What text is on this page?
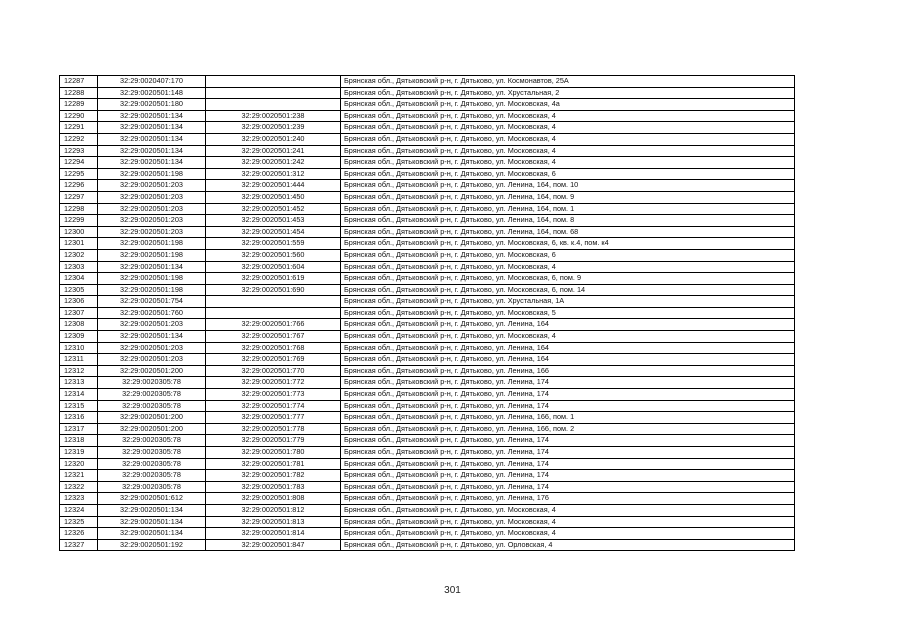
12287	32:29:0020407:170		Брянская обл., Дятьковский р-н, г. Дятьково, ул. Космонавтов, 25А
12288	32:29:0020501:148		Брянская обл., Дятьковский р-н, г. Дятьково, ул. Хрустальная, 2
12289	32:29:0020501:180		Брянская обл., Дятьковский р-н, г. Дятьково, ул. Московская, 4а
12290	32:29:0020501:134	32:29:0020501:238	Брянская обл., Дятьковский р-н, г. Дятьково, ул. Московская, 4
12291	32:29:0020501:134	32:29:0020501:239	Брянская обл., Дятьковский р-н, г. Дятьково, ул. Московская, 4
12292	32:29:0020501:134	32:29:0020501:240	Брянская обл., Дятьковский р-н, г. Дятьково, ул. Московская, 4
12293	32:29:0020501:134	32:29:0020501:241	Брянская обл., Дятьковский р-н, г. Дятьково, ул. Московская, 4
12294	32:29:0020501:134	32:29:0020501:242	Брянская обл., Дятьковский р-н, г. Дятьково, ул. Московская, 4
12295	32:29:0020501:198	32:29:0020501:312	Брянская обл., Дятьковский р-н, г. Дятьково, ул. Московская, 6
12296	32:29:0020501:203	32:29:0020501:444	Брянская обл., Дятьковский р-н, г. Дятьково, ул. Ленина, 164, пом. 10
12297	32:29:0020501:203	32:29:0020501:450	Брянская обл., Дятьковский р-н, г. Дятьково, ул. Ленина, 164, пом. 9
12298	32:29:0020501:203	32:29:0020501:452	Брянская обл., Дятьковский р-н, г. Дятьково, ул. Ленина, 164, пом. 1
12299	32:29:0020501:203	32:29:0020501:453	Брянская обл., Дятьковский р-н, г. Дятьково, ул. Ленина, 164, пом. 8
12300	32:29:0020501:203	32:29:0020501:454	Брянская обл., Дятьковский р-н, г. Дятьково, ул. Ленина, 164, пом. 68
12301	32:29:0020501:198	32:29:0020501:559	Брянская обл., Дятьковский р-н, г. Дятьково, ул. Московская, 6, кв. к.4, пом. к4
12302	32:29:0020501:198	32:29:0020501:560	Брянская обл., Дятьковский р-н, г. Дятьково, ул. Московская, 6
12303	32:29:0020501:134	32:29:0020501:604	Брянская обл., Дятьковский р-н, г. Дятьково, ул. Московская, 4
12304	32:29:0020501:198	32:29:0020501:619	Брянская обл., Дятьковский р-н, г. Дятьково, ул. Московская, 6, пом. 9
12305	32:29:0020501:198	32:29:0020501:690	Брянская обл., Дятьковский р-н, г. Дятьково, ул. Московская, 6, пом. 14
12306	32:29:0020501:754		Брянская обл., Дятьковский р-н, г. Дятьково, ул. Хрустальная, 1А
12307	32:29:0020501:760		Брянская обл., Дятьковский р-н, г. Дятьково, ул. Московская, 5
12308	32:29:0020501:203	32:29:0020501:766	Брянская обл., Дятьковский р-н, г. Дятьково, ул. Ленина, 164
12309	32:29:0020501:134	32:29:0020501:767	Брянская обл., Дятьковский р-н, г. Дятьково, ул. Московская, 4
12310	32:29:0020501:203	32:29:0020501:768	Брянская обл., Дятьковский р-н, г. Дятьково, ул. Ленина, 164
12311	32:29:0020501:203	32:29:0020501:769	Брянская обл., Дятьковский р-н, г. Дятьково, ул. Ленина, 164
12312	32:29:0020501:200	32:29:0020501:770	Брянская обл., Дятьковский р-н, г. Дятьково, ул. Ленина, 166
12313	32:29:0020305:78	32:29:0020501:772	Брянская обл., Дятьковский р-н, г. Дятьково, ул. Ленина, 174
12314	32:29:0020305:78	32:29:0020501:773	Брянская обл., Дятьковский р-н, г. Дятьково, ул. Ленина, 174
12315	32:29:0020305:78	32:29:0020501:774	Брянская обл., Дятьковский р-н, г. Дятьково, ул. Ленина, 174
12316	32:29:0020501:200	32:29:0020501:777	Брянская обл., Дятьковский р-н, г. Дятьково, ул. Ленина, 166, пом. 1
12317	32:29:0020501:200	32:29:0020501:778	Брянская обл., Дятьковский р-н, г. Дятьково, ул. Ленина, 166, пом. 2
12318	32:29:0020305:78	32:29:0020501:779	Брянская обл., Дятьковский р-н, г. Дятьково, ул. Ленина, 174
12319	32:29:0020305:78	32:29:0020501:780	Брянская обл., Дятьковский р-н, г. Дятьково, ул. Ленина, 174
12320	32:29:0020305:78	32:29:0020501:781	Брянская обл., Дятьковский р-н, г. Дятьково, ул. Ленина, 174
12321	32:29:0020305:78	32:29:0020501:782	Брянская обл., Дятьковский р-н, г. Дятьково, ул. Ленина, 174
12322	32:29:0020305:78	32:29:0020501:783	Брянская обл., Дятьковский р-н, г. Дятьково, ул. Ленина, 174
12323	32:29:0020501:612	32:29:0020501:808	Брянская обл., Дятьковский р-н, г. Дятьково, ул. Ленина, 176
12324	32:29:0020501:134	32:29:0020501:812	Брянская обл., Дятьковский р-н, г. Дятьково, ул. Московская, 4
12325	32:29:0020501:134	32:29:0020501:813	Брянская обл., Дятьковский р-н, г. Дятьково, ул. Московская, 4
12326	32:29:0020501:134	32:29:0020501:814	Брянская обл., Дятьковский р-н, г. Дятьково, ул. Московская, 4
12327	32:29:0020501:192	32:29:0020501:847	Брянская обл., Дятьковский р-н, г. Дятьково, ул. Орловская, 4
301
